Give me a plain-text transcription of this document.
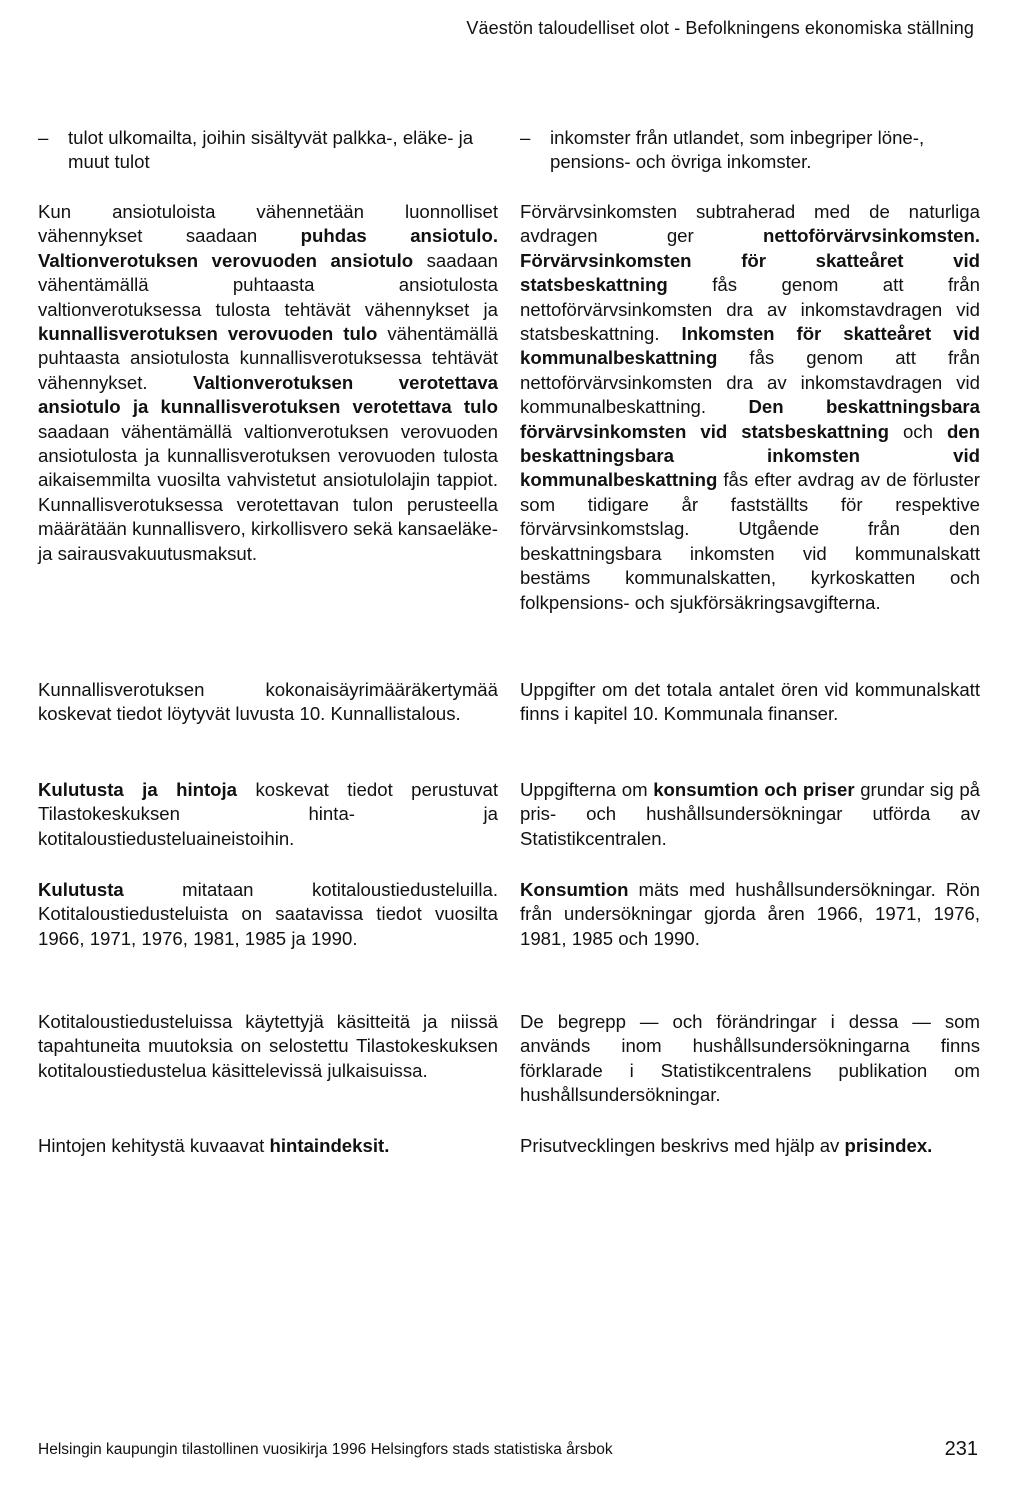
Väestön taloudelliset olot - Befolkningens ekonomiska ställning
–	tulot ulkomailta, joihin sisältyvät palkka-, eläke- ja muut tulot

Kun ansiotuloista vähennetään luonnolliset vähennykset saadaan puhdas ansiotulo. Valtionverotuksen verovuoden ansiotulo saadaan vähentämällä puhtaasta ansiotulosta valtionverotuksessa tulosta tehtävät vähennykset ja kunnallisverotuksen verovuoden tulo vähentämällä puhtaasta ansiotulosta kunnallisverotuksessa tehtävät vähennykset. Valtionverotuksen verotettava ansiotulo ja kunnallisverotuksen verotettava tulo saadaan vähentämällä valtionverotuksen verovuoden ansiotulosta ja kunnallisverotuksen verovuoden tulosta aikaisemmilta vuosilta vahvistetut ansiotulolajin tappiot. Kunnallisverotuksessa verotettavan tulon perusteella määrätään kunnallisvero, kirkollisvero sekä kansaeläke- ja sairausvakuutusmaksut.

Kunnallisverotuksen kokonaisäyrimääräkertymää koskevat tiedot löytyvät luvusta 10. Kunnallistalous.

Kulutusta ja hintoja koskevat tiedot perustuvat Tilastokeskuksen hinta- ja kotitaloustiedusteluaineistoihin.

Kulutusta mitataan kotitaloustiedusteluilla. Kotitaloustiedusteluista on saatavissa tiedot vuosilta 1966, 1971, 1976, 1981, 1985 ja 1990.

Kotitaloustiedusteluissa käytettyjä käsitteitä ja niissä tapahtuneita muutoksia on selostettu Tilastokeskuksen kotitaloustiedustelua käsittelevissä julkaisuissa.

Hintojen kehitystä kuvaavat hintaindeksit.

–	inkomster från utlandet, som inbegriper löne-, pensions- och övriga inkomster.

Förvärvsinkomsten subtraherad med de naturliga avdragen ger nettoförvärvsinkomsten. Förvärvsinkomsten för skatteåret vid statsbeskattning fås genom att från nettoförvärvsinkomsten dra av inkomstavdragen vid statsbeskattning. Inkomsten för skatteåret vid kommunalbeskattning fås genom att från nettoförvärvsinkomsten dra av inkomstavdragen vid kommunalbeskattning. Den beskattningsbara förvärvsinkomsten vid statsbeskattning och den beskattningsbara inkomsten vid kommunalbeskattning fås efter avdrag av de förluster som tidigare år fastställts för respektive förvärvsinkomstslag. Utgående från den beskattningsbara inkomsten vid kommunalskatt bestäms kommunalskatten, kyrkoskatten och folkpensions- och sjukförsäkringsavgifterna.

Uppgifter om det totala antalet ören vid kommunalskatt finns i kapitel 10. Kommunala finanser.

Uppgifterna om konsumtion och priser grundar sig på pris- och hushållsundersökningar utförda av Statistikcentralen.

Konsumtion mäts med hushållsundersökningar. Rön från undersökningar gjorda åren 1966, 1971, 1976, 1981, 1985 och 1990.

De begrepp — och förändringar i dessa — som används inom hushållsundersökningarna finns förklarade i Statistikcentralens publikation om hushållsundersökningar.

Prisutvecklingen beskrivs med hjälp av prisindex.

Helsingin kaupungin tilastollinen vuosikirja 1996 Helsingfors stads statistiska årsbok	231
